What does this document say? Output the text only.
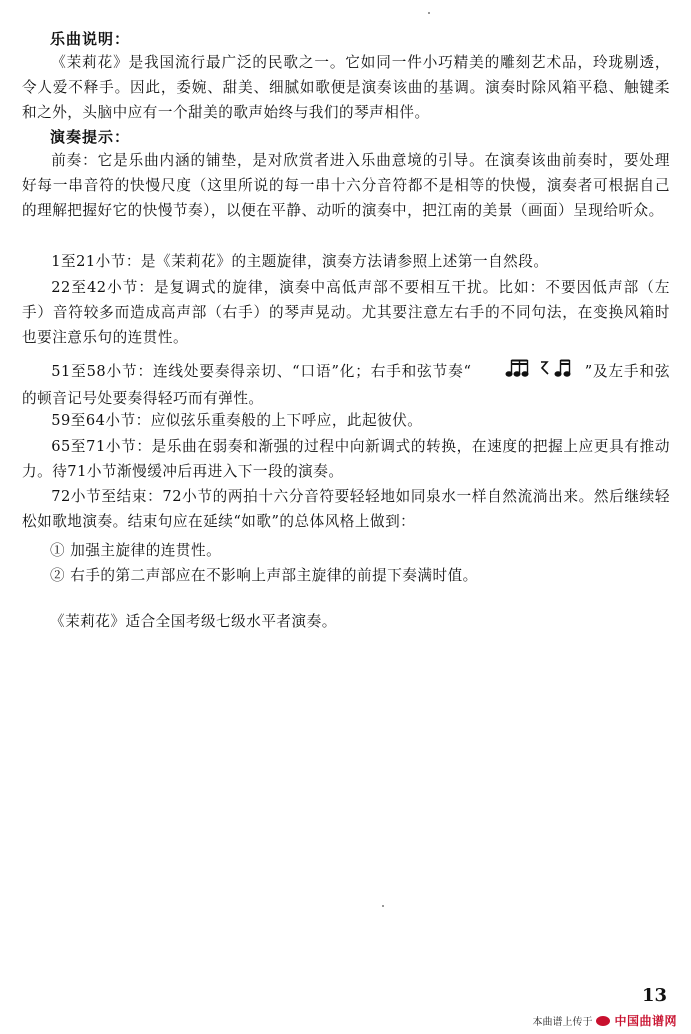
乐曲说明：

《茉莉花》是我国流行最广泛的民歌之一。它如同一件小巧精美的雕刻艺术品，玲珑剔透，令人爱不释手。因此，委婉、甜美、细腻如歌便是演奏该曲的基调。演奏时除风箱平稳、触键柔和之外，头脑中应有一个甜美的歌声始终与我们的琴声相伴。

演奏提示：

前奏：它是乐曲内涵的铺垫，是对欣赏者进入乐曲意境的引导。在演奏该曲前奏时，要处理好每一串音符的快慢尺度（这里所说的每一串十六分音符都不是相等的快慢，演奏者可根据自己的理解把握好它的快慢节奏），以便在平静、动听的演奏中，把江南的美景（画面）呈现给听众。

1至21小节：是《茉莉花》的主题旋律，演奏方法请参照上述第一自然段。

22至42小节：是复调式的旋律，演奏中高低声部不要相互干扰。比如：不要因低声部（左手）音符较多而造成高声部（右手）的琴声晃动。尤其要注意左右手的不同句法，在变换风箱时也要注意乐句的连贯性。

51至58小节：连线处要奏得亲切、“口语”化；右手和弦节奏“	”及左手和弦的顿音记号处要奏得轻巧而有弹性。

59至64小节：应似弦乐重奏般的上下呼应，此起彼伏。

65至71小节：是乐曲在弱奏和渐强的过程中向新调式的转换，在速度的把握上应更具有推动力。待71小节渐慢缓冲后再进入下一段的演奏。

72小节至结束：72小节的两拍十六分音符要轻轻地如同泉水一样自然流淌出来。然后继续轻松如歌地演奏。结束句应在延续“如歌”的总体风格上做到：

① 加强主旋律的连贯性。
② 右手的第二声部应在不影响上声部主旋律的前提下奏满时值。
《茉莉花》适合全国考级七级水平者演奏。
13
本曲谱上传于 中国曲谱网
